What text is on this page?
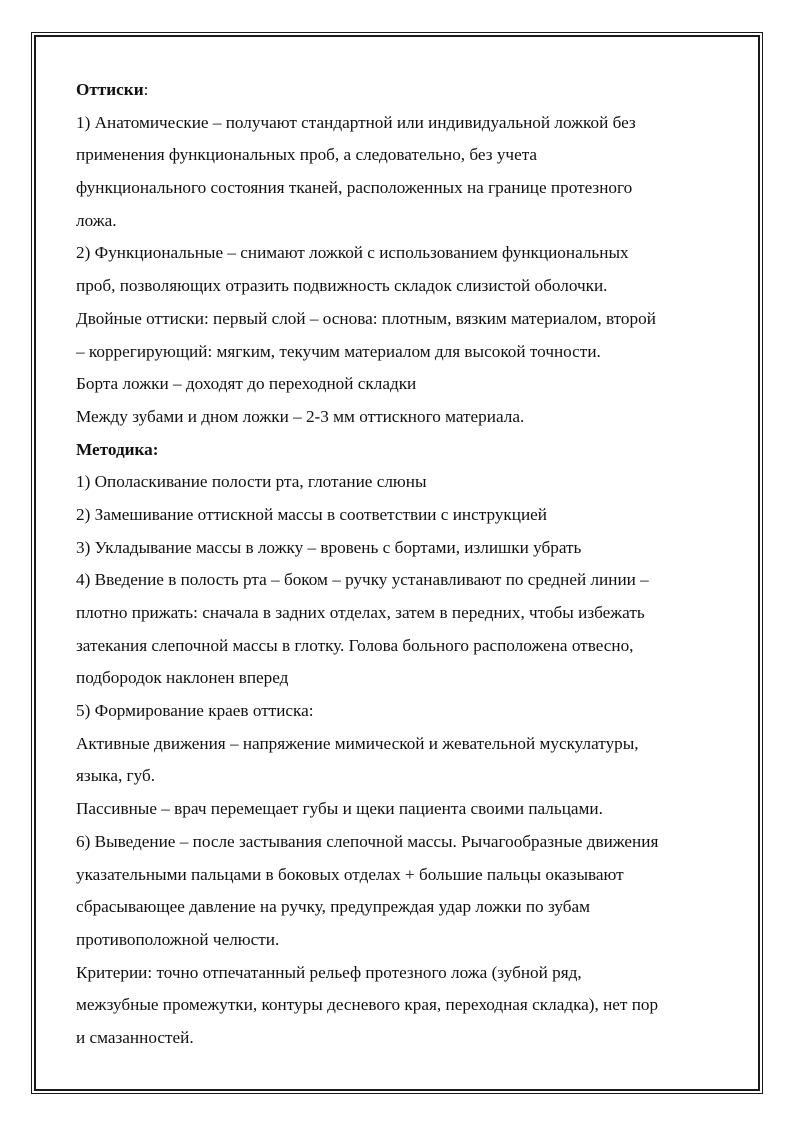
Оттиски:
1) Анатомические – получают стандартной или индивидуальной ложкой без
применения функциональных проб, а следовательно, без учета
функционального состояния тканей, расположенных на границе протезного
ложа.
2) Функциональные – снимают ложкой с использованием функциональных
проб, позволяющих отразить подвижность складок слизистой оболочки.
Двойные оттиски: первый слой – основа: плотным, вязким материалом, второй
– коррегирующий: мягким, текучим материалом для высокой точности.
Борта ложки – доходят до переходной складки
Между зубами и дном ложки – 2-3 мм оттискного материала.
Методика:
1) Ополаскивание полости рта, глотание слюны
2) Замешивание оттискной массы в соответствии с инструкцией
3) Укладывание массы в ложку – вровень с бортами, излишки убрать
4) Введение в полость рта – боком – ручку устанавливают по средней линии –
плотно прижать: сначала в задних отделах, затем в передних, чтобы избежать
затекания слепочной массы в глотку. Голова больного расположена отвесно,
подбородок наклонен вперед
5) Формирование краев оттиска:
Активные движения – напряжение мимической и жевательной мускулатуры,
языка, губ.
Пассивные – врач перемещает губы и щеки пациента своими пальцами.
6) Выведение – после застывания слепочной массы. Рычагообразные движения
указательными пальцами в боковых отделах + большие пальцы оказывают
сбрасывающее давление на ручку, предупреждая удар ложки по зубам
противоположной челюсти.
Критерии: точно отпечатанный рельеф протезного ложа (зубной ряд,
межзубные промежутки, контуры десневого края, переходная складка), нет пор
и смазанностей.
